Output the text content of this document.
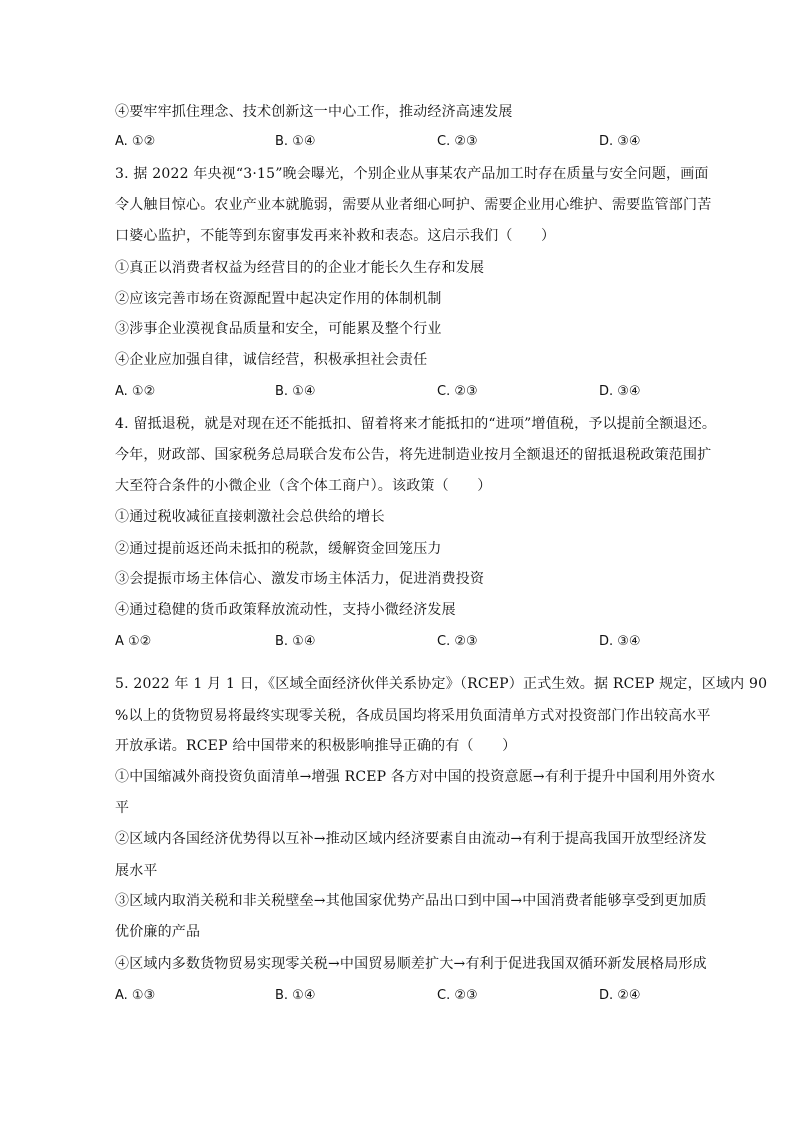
④要牢牢抓住理念、技术创新这一中心工作，推动经济高速发展
A. ①②	B. ①④	C. ②③	D. ③④
3. 据 2022 年央视“3·15”晚会曝光，个别企业从事某农产品加工时存在质量与安全问题，画面
令人触目惊心。农业产业本就脆弱，需要从业者细心呵护、需要企业用心维护、需要监管部门苦
口婆心监护，不能等到东窗事发再来补救和表态。这启示我们（　　）
①真正以消费者权益为经营目的的企业才能长久生存和发展
②应该完善市场在资源配置中起决定作用的体制机制
③涉事企业漠视食品质量和安全，可能累及整个行业
④企业应加强自律，诚信经营，积极承担社会责任
A. ①②	B. ①④	C. ②③	D. ③④
4. 留抵退税，就是对现在还不能抵扣、留着将来才能抵扣的“进项”增值税，予以提前全额退还。
今年，财政部、国家税务总局联合发布公告，将先进制造业按月全额退还的留抵退税政策范围扩
大至符合条件的小微企业（含个体工商户）。该政策（　　）
①通过税收减征直接刺激社会总供给的增长
②通过提前返还尚未抵扣的税款，缓解资金回笼压力
③会提振市场主体信心、激发市场主体活力，促进消费投资
④通过稳健的货币政策释放流动性，支持小微经济发展
A ①②	B. ①④	C. ②③	D. ③④
5. 2022 年 1 月 1 日，《区域全面经济伙伴关系协定》（RCEP）正式生效。据 RCEP 规定，区域内 90
%以上的货物贸易将最终实现零关税，各成员国均将采用负面清单方式对投资部门作出较高水平
开放承诺。RCEP 给中国带来的积极影响推导正确的有（　　）
①中国缩减外商投资负面清单→增强 RCEP 各方对中国的投资意愿→有利于提升中国利用外资水
平
②区域内各国经济优势得以互补→推动区域内经济要素自由流动→有利于提高我国开放型经济发
展水平
③区域内取消关税和非关税壁垒→其他国家优势产品出口到中国→中国消费者能够享受到更加质
优价廉的产品
④区域内多数货物贸易实现零关税→中国贸易顺差扩大→有利于促进我国双循环新发展格局形成
A. ①③	B. ①④	C. ②③	D. ②④
